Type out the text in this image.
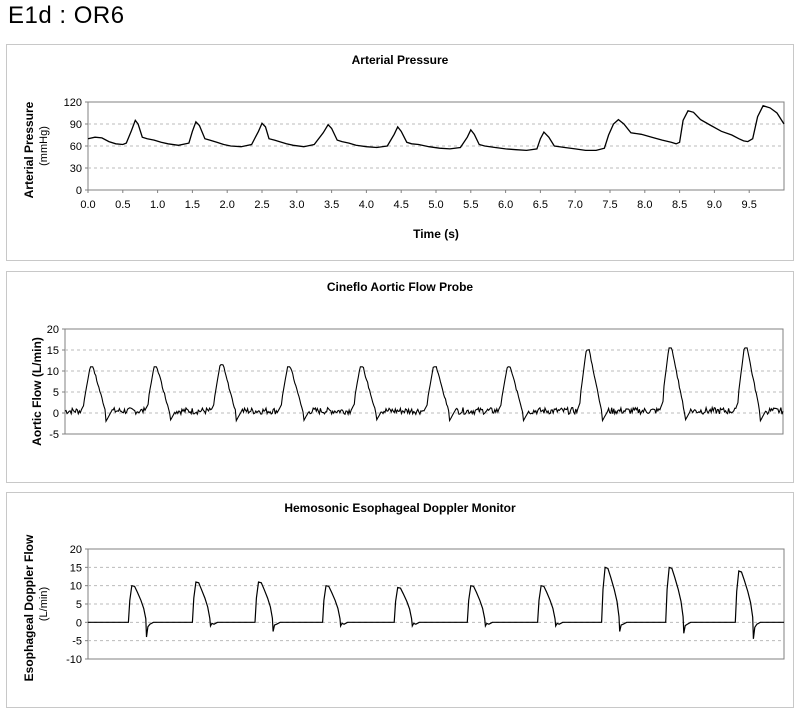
E1d : OR6
Arterial Pressure
0
30
60
90
120
0.0 0.5 1.0 1.5 2.0 2.5 3.0 3.5 4.0 4.5 5.0 5.5 6.0 6.5 7.0 7.5 8.0 8.5 9.0 9.5
Time (s)
Arterial Pressure (mmHg)
Cineflo Aortic Flow Probe
-5
0
5
10
15
20
Aortic Flow (L/min)
Hemosonic Esophageal Doppler Monitor
-10
-5
0
5
10
15
20
Esophageal Doppler Flow (L/min)
